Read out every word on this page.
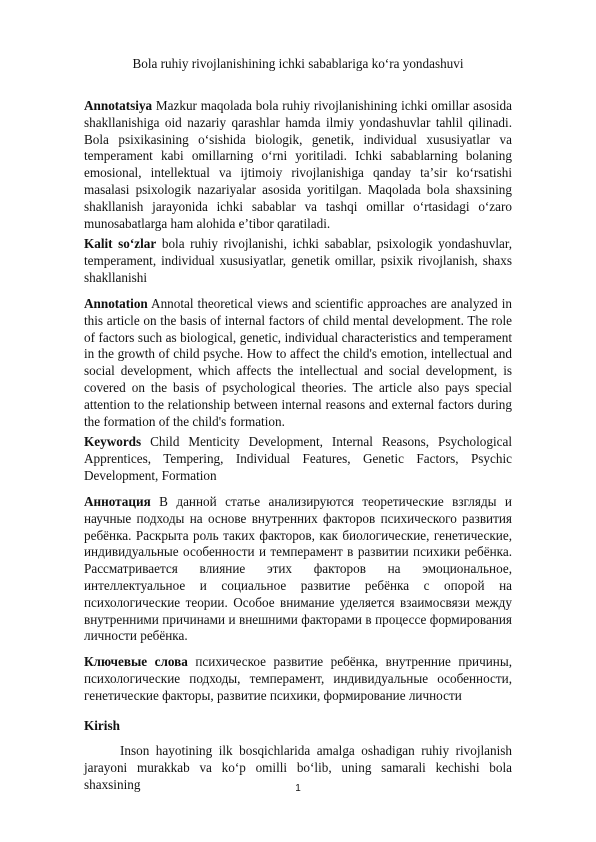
Bola ruhiy rivojlanishining ichki sabablariga koʻra yondashuvi

Annotatsiya Mazkur maqolada bola ruhiy rivojlanishining ichki omillar asosida shakllanishiga oid nazariy qarashlar hamda ilmiy yondashuvlar tahlil qilinadi. Bola psixikasining oʻsishida biologik, genetik, individual xususiyatlar va temperament kabi omillarning oʻrni yoritiladi. Ichki sabablarning bolaning emosional, intellektual va ijtimoiy rivojlanishiga qanday taʼsir koʻrsatishi masalasi psixologik nazariyalar asosida yoritilgan. Maqolada bola shaxsining shakllanish jarayonida ichki sabablar va tashqi omillar oʻrtasidagi oʻzaro munosabatlarga ham alohida eʼtibor qaratiladi.

Kalit soʻzlar bola ruhiy rivojlanishi, ichki sabablar, psixologik yondashuvlar, temperament, individual xususiyatlar, genetik omillar, psixik rivojlanish, shaxs shakllanishi

Annotation Annotal theoretical views and scientific approaches are analyzed in this article on the basis of internal factors of child mental development. The role of factors such as biological, genetic, individual characteristics and temperament in the growth of child psyche. How to affect the child's emotion, intellectual and social development, which affects the intellectual and social development, is covered on the basis of psychological theories. The article also pays special attention to the relationship between internal reasons and external factors during the formation of the child's formation.

Keywords Child Menticity Development, Internal Reasons, Psychological Apprentices, Tempering, Individual Features, Genetic Factors, Psychic Development, Formation

Аннотация В данной статье анализируются теоретические взгляды и научные подходы на основе внутренних факторов психического развития ребёнка. Раскрыта роль таких факторов, как биологические, генетические, индивидуальные особенности и темперамент в развитии психики ребёнка. Рассматривается влияние этих факторов на эмоциональное, интеллектуальное и социальное развитие ребёнка с опорой на психологические теории. Особое внимание уделяется взаимосвязи между внутренними причинами и внешними факторами в процессе формирования личности ребёнка.

Ключевые слова психическое развитие ребёнка, внутренние причины, психологические подходы, темперамент, индивидуальные особенности, генетические факторы, развитие психики, формирование личности

Kirish

Inson hayotining ilk bosqichlarida amalga oshadigan ruhiy rivojlanish jarayoni murakkab va koʻp omilli boʻlib, uning samarali kechishi bola shaxsining	1
